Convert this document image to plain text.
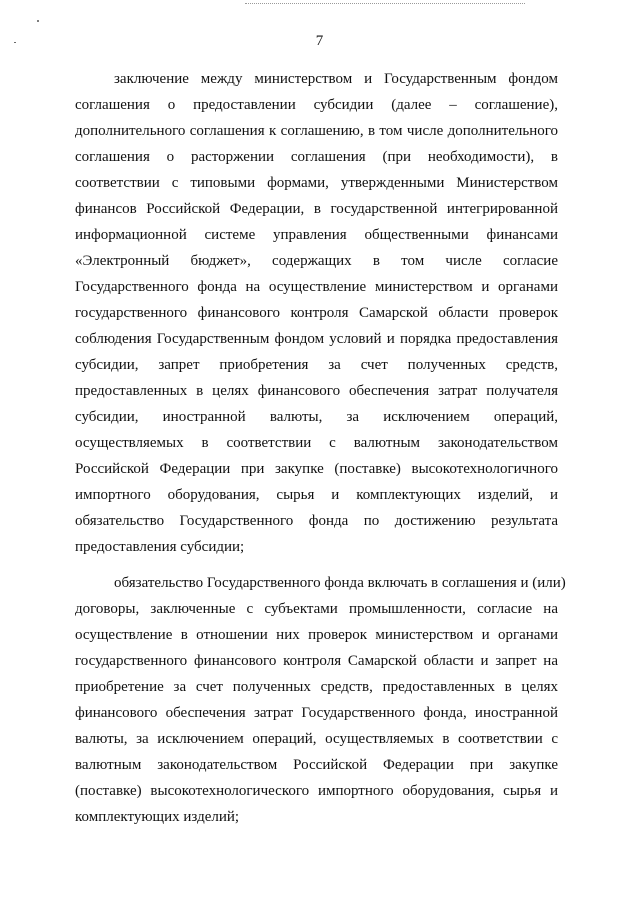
7

заключение между министерством и Государственным фондом
соглашения о предоставлении субсидии (далее – соглашение),
дополнительного соглашения к соглашению, в том числе дополнительного
соглашения о расторжении соглашения (при необходимости), в
соответствии с типовыми формами, утвержденными Министерством
финансов Российской Федерации, в государственной интегрированной
информационной системе управления общественными финансами
«Электронный бюджет», содержащих в том числе согласие
Государственного фонда на осуществление министерством и органами
государственного финансового контроля Самарской области проверок
соблюдения Государственным фондом условий и порядка предоставления
субсидии, запрет приобретения за счет полученных средств,
предоставленных в целях финансового обеспечения затрат получателя
субсидии, иностранной валюты, за исключением операций,
осуществляемых в соответствии с валютным законодательством
Российской Федерации при закупке (поставке) высокотехнологичного
импортного оборудования, сырья и комплектующих изделий, и
обязательство Государственного фонда по достижению результата
предоставления субсидии;

обязательство Государственного фонда включать в соглашения и (или)
договоры, заключенные с субъектами промышленности, согласие на
осуществление в отношении них проверок министерством и органами
государственного финансового контроля Самарской области и запрет на
приобретение за счет полученных средств, предоставленных в целях
финансового обеспечения затрат Государственного фонда, иностранной
валюты, за исключением операций, осуществляемых в соответствии с
валютным законодательством Российской Федерации при закупке
(поставке) высокотехнологического импортного оборудования, сырья и
комплектующих изделий;
